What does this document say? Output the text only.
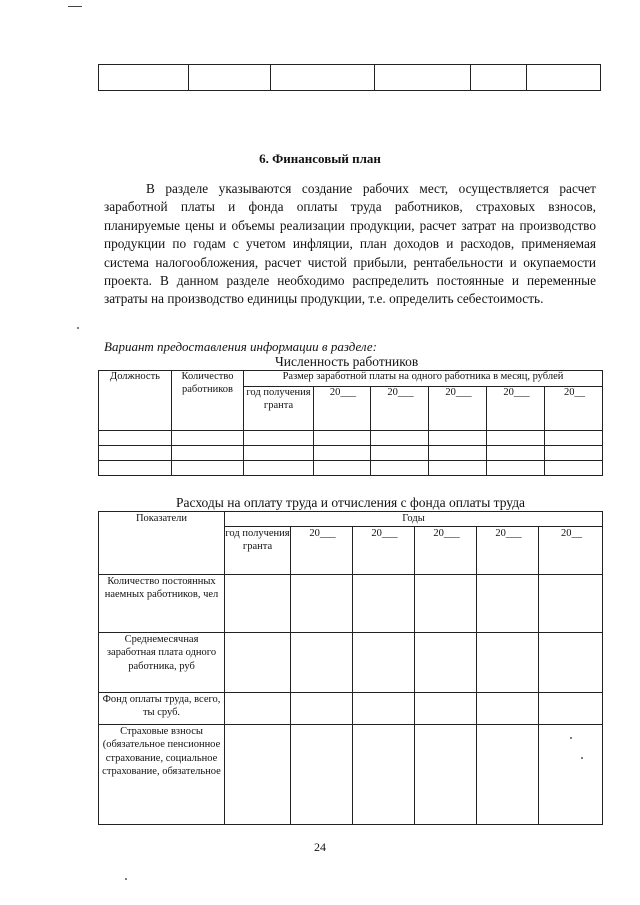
6. Финансовый план

В разделе указываются создание рабочих мест, осуществляется расчет заработной платы и фонда оплаты труда работников, страховых взносов, планируемые цены и объемы реализации продукции, расчет затрат на производство продукции по годам с учетом инфляции, план доходов и расходов, применяемая система налогообложения, расчет чистой прибыли, рентабельности и окупаемости проекта. В данном разделе необходимо распределить постоянные и переменные затраты на производство единицы продукции, т.е. определить себестоимость.

Вариант предоставления информации в разделе:
Численность работников
Должность	Количество работников	Размер заработной платы на одного работника в месяц, рублей					
		год получения гранта	20___	20___	20___	20___	20__

Расходы на оплату труда и отчисления с фонда оплаты труда
Показатели	Годы					
	год получения гранта	20___	20___	20___	20___	20__
Количество постоянных наемных работников, чел						
Среднемесячная заработная плата одного работника, руб						
Фонд оплаты труда, всего, ты сруб.						
Страховые взносы (обязательное пенсионное страхование, социальное страхование, обязательное						
24
